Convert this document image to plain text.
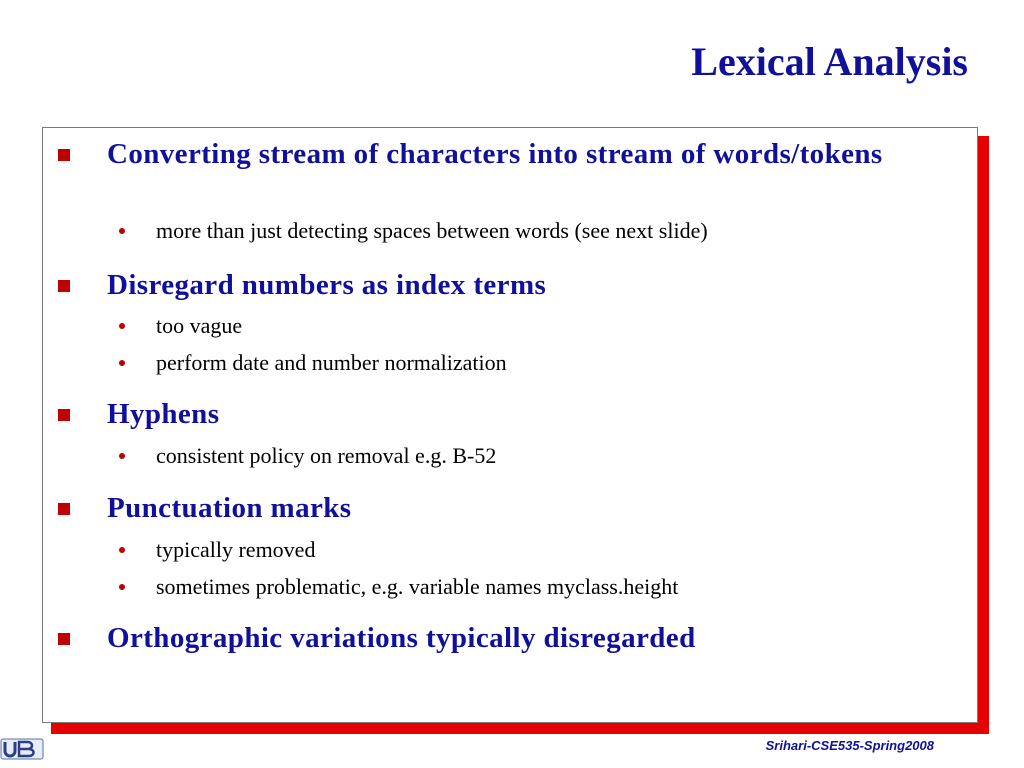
Lexical Analysis

Converting stream of characters into stream of words/tokens

more than just detecting spaces between words (see next slide)

Disregard numbers as index terms

too vague

perform date and number normalization

Hyphens

consistent policy on removal e.g. B-52

Punctuation marks

typically removed

sometimes problematic, e.g. variable names myclass.height

Orthographic variations typically disregarded

Srihari-CSE535-Spring2008
